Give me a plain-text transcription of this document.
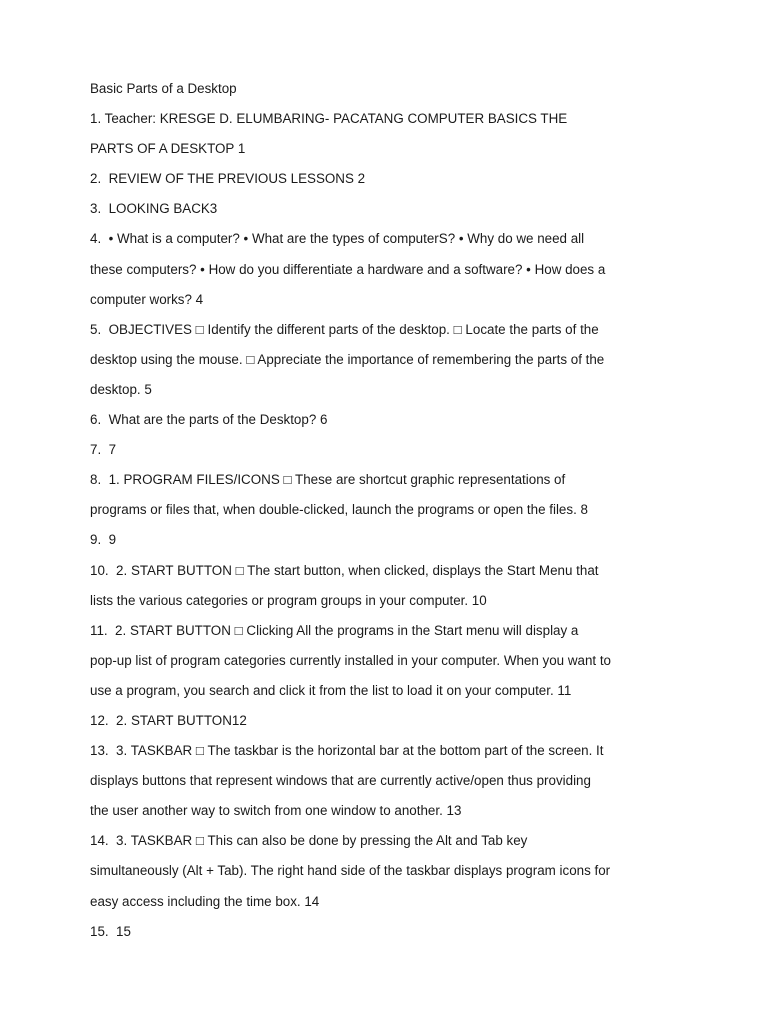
Basic Parts of a Desktop
1. Teacher: KRESGE D. ELUMBARING- PACATANG COMPUTER BASICS THE
PARTS OF A DESKTOP 1
2.  REVIEW OF THE PREVIOUS LESSONS 2
3.  LOOKING BACK3
4.  • What is a computer? • What are the types of computerS? • Why do we need all
these computers? • How do you differentiate a hardware and a software? • How does a
computer works? 4
5.  OBJECTIVES □ Identify the different parts of the desktop. □ Locate the parts of the
desktop using the mouse. □ Appreciate the importance of remembering the parts of the
desktop. 5
6.  What are the parts of the Desktop? 6
7.  7
8.  1. PROGRAM FILES/ICONS □ These are shortcut graphic representations of
programs or files that, when double-clicked, launch the programs or open the files. 8
9.  9
10.  2. START BUTTON □ The start button, when clicked, displays the Start Menu that
lists the various categories or program groups in your computer. 10
11.  2. START BUTTON □ Clicking All the programs in the Start menu will display a
pop-up list of program categories currently installed in your computer. When you want to
use a program, you search and click it from the list to load it on your computer. 11
12.  2. START BUTTON12
13.  3. TASKBAR □ The taskbar is the horizontal bar at the bottom part of the screen. It
displays buttons that represent windows that are currently active/open thus providing
the user another way to switch from one window to another. 13
14.  3. TASKBAR □ This can also be done by pressing the Alt and Tab key
simultaneously (Alt + Tab). The right hand side of the taskbar displays program icons for
easy access including the time box. 14
15.  15
